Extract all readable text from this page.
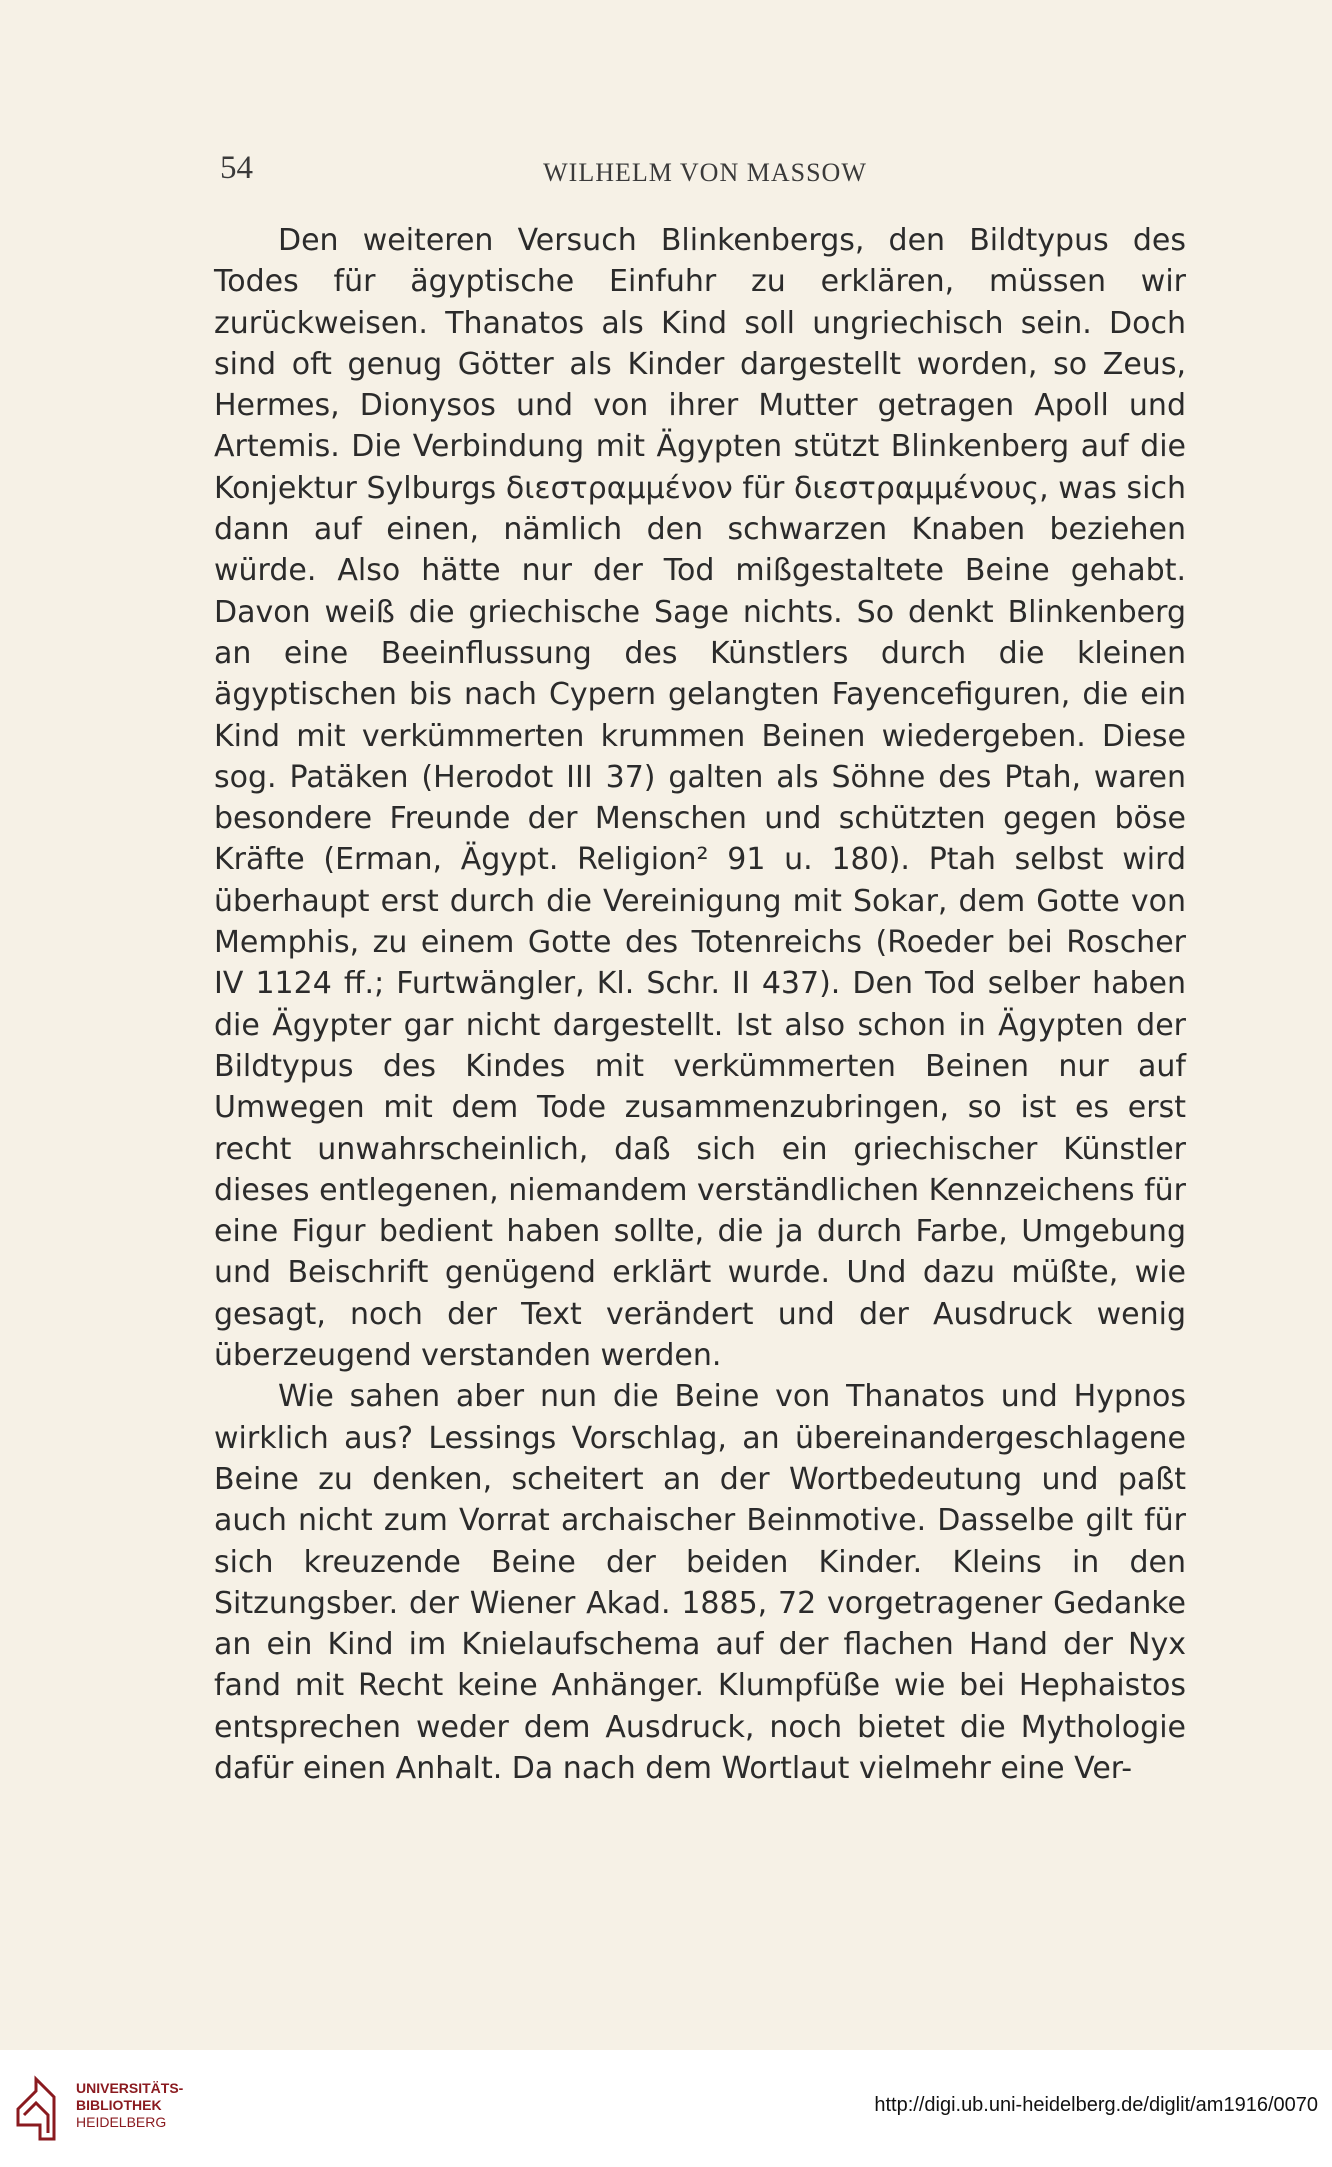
54	WILHELM VON MASSOW

Den weiteren Versuch Blinkenbergs, den Bildtypus des Todes für ägyptische Einfuhr zu erklären, müssen wir zurückweisen. Thanatos als Kind soll ungriechisch sein. Doch sind oft genug Götter als Kinder dargestellt worden, so Zeus, Hermes, Dionysos und von ihrer Mutter getragen Apoll und Artemis. Die Verbindung mit Ägypten stützt Blinkenberg auf die Konjektur Sylburgs διεστραμμένον für διεστραμμένους, was sich dann auf einen, nämlich den schwarzen Knaben beziehen würde. Also hätte nur der Tod mißgestaltete Beine gehabt. Davon weiß die griechische Sage nichts. So denkt Blinkenberg an eine Beeinflussung des Künstlers durch die kleinen ägyptischen bis nach Cypern gelangten Fayencefiguren, die ein Kind mit verkümmerten krummen Beinen wiedergeben. Diese sog. Patäken (Herodot III 37) galten als Söhne des Ptah, waren besondere Freunde der Menschen und schützten gegen böse Kräfte (Erman, Ägypt. Religion² 91 u. 180). Ptah selbst wird überhaupt erst durch die Vereinigung mit Sokar, dem Gotte von Memphis, zu einem Gotte des Totenreichs (Roeder bei Roscher IV 1124 ff.; Furtwängler, Kl. Schr. II 437). Den Tod selber haben die Ägypter gar nicht dargestellt. Ist also schon in Ägypten der Bildtypus des Kindes mit verkümmerten Beinen nur auf Umwegen mit dem Tode zusammenzubringen, so ist es erst recht unwahrscheinlich, daß sich ein griechischer Künstler dieses entlegenen, niemandem verständlichen Kennzeichens für eine Figur bedient haben sollte, die ja durch Farbe, Umgebung und Beischrift genügend erklärt wurde. Und dazu müßte, wie gesagt, noch der Text verändert und der Ausdruck wenig überzeugend verstanden werden.

Wie sahen aber nun die Beine von Thanatos und Hypnos wirklich aus? Lessings Vorschlag, an übereinandergeschlagene Beine zu denken, scheitert an der Wortbedeutung und paßt auch nicht zum Vorrat archaischer Beinmotive. Dasselbe gilt für sich kreuzende Beine der beiden Kinder. Kleins in den Sitzungsber. der Wiener Akad. 1885, 72 vorgetragener Gedanke an ein Kind im Knielaufschema auf der flachen Hand der Nyx fand mit Recht keine Anhänger. Klumpfüße wie bei Hephaistos entsprechen weder dem Ausdruck, noch bietet die Mythologie dafür einen Anhalt. Da nach dem Wortlaut vielmehr eine Ver-

UNIVERSITÄTS-
BIBLIOTHEK
HEIDELBERG
http://digi.ub.uni-heidelberg.de/diglit/am1916/0070
